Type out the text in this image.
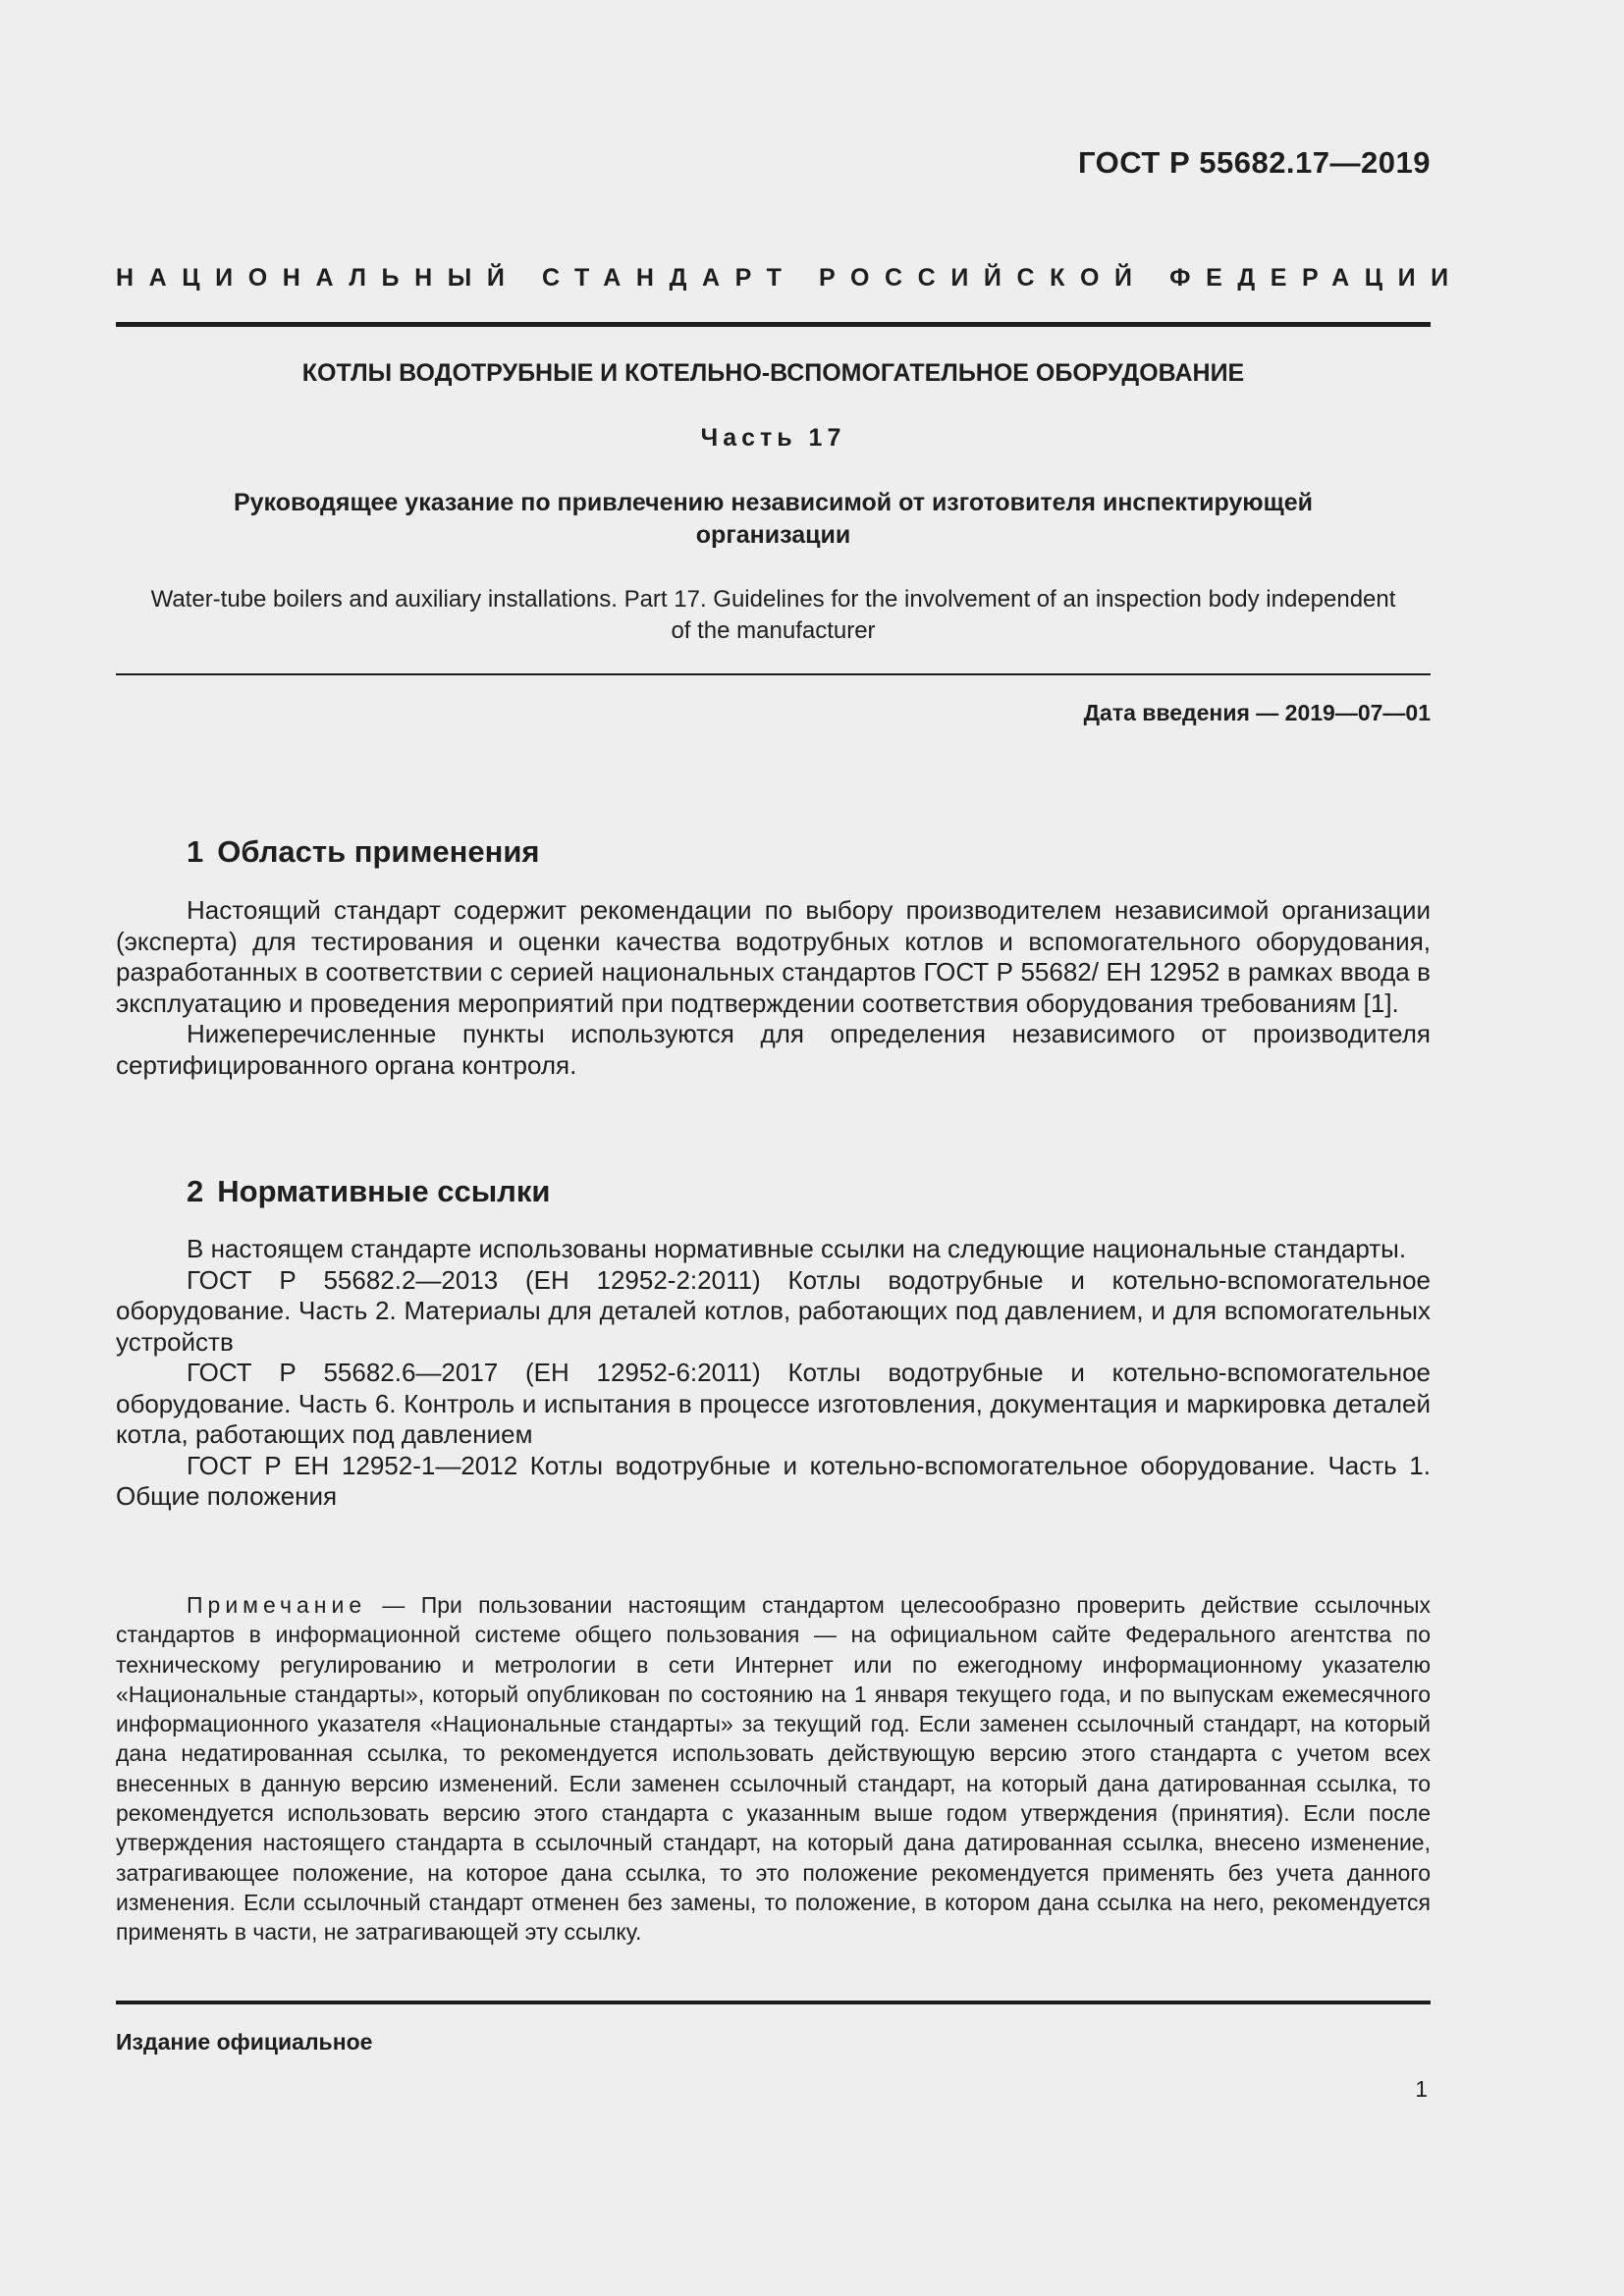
ГОСТ Р 55682.17—2019
НАЦИОНАЛЬНЫЙ СТАНДАРТ РОССИЙСКОЙ ФЕДЕРАЦИИ
КОТЛЫ ВОДОТРУБНЫЕ И КОТЕЛЬНО-ВСПОМОГАТЕЛЬНОЕ ОБОРУДОВАНИЕ
Часть 17
Руководящее указание по привлечению независимой от изготовителя инспектирующей
организации
Water-tube boilers and auxiliary installations. Part 17. Guidelines for the involvement of an inspection body independent
of the manufacturer
Дата введения — 2019—07—01
1 Область применения

Настоящий стандарт содержит рекомендации по выбору производителем независимой организации (эксперта) для тестирования и оценки качества водотрубных котлов и вспомогательного оборудования, разработанных в соответствии с серией национальных стандартов ГОСТ Р 55682/ ЕН 12952 в рамках ввода в эксплуатацию и проведения мероприятий при подтверждении соответствия оборудования требованиям [1].

Нижеперечисленные пункты используются для определения независимого от производителя сертифицированного органа контроля.

2 Нормативные ссылки

В настоящем стандарте использованы нормативные ссылки на следующие национальные стандарты.

ГОСТ Р 55682.2—2013 (ЕН 12952-2:2011) Котлы водотрубные и котельно-вспомогательное оборудование. Часть 2. Материалы для деталей котлов, работающих под давлением, и для вспомогательных устройств

ГОСТ Р 55682.6—2017 (ЕН 12952-6:2011) Котлы водотрубные и котельно-вспомогательное оборудование. Часть 6. Контроль и испытания в процессе изготовления, документация и маркировка деталей котла, работающих под давлением

ГОСТ Р ЕН 12952-1—2012 Котлы водотрубные и котельно-вспомогательное оборудование. Часть 1. Общие положения

Примечание — При пользовании настоящим стандартом целесообразно проверить действие ссылочных стандартов в информационной системе общего пользования — на официальном сайте Федерального агентства по техническому регулированию и метрологии в сети Интернет или по ежегодному информационному указателю «Национальные стандарты», который опубликован по состоянию на 1 января текущего года, и по выпускам ежемесячного информационного указателя «Национальные стандарты» за текущий год. Если заменен ссылочный стандарт, на который дана недатированная ссылка, то рекомендуется использовать действующую версию этого стандарта с учетом всех внесенных в данную версию изменений. Если заменен ссылочный стандарт, на который дана датированная ссылка, то рекомендуется использовать версию этого стандарта с указанным выше годом утверждения (принятия). Если после утверждения настоящего стандарта в ссылочный стандарт, на который дана датированная ссылка, внесено изменение, затрагивающее положение, на которое дана ссылка, то это положение рекомендуется применять без учета данного изменения. Если ссылочный стандарт отменен без замены, то положение, в котором дана ссылка на него, рекомендуется применять в части, не затрагивающей эту ссылку.

Издание официальное
1
